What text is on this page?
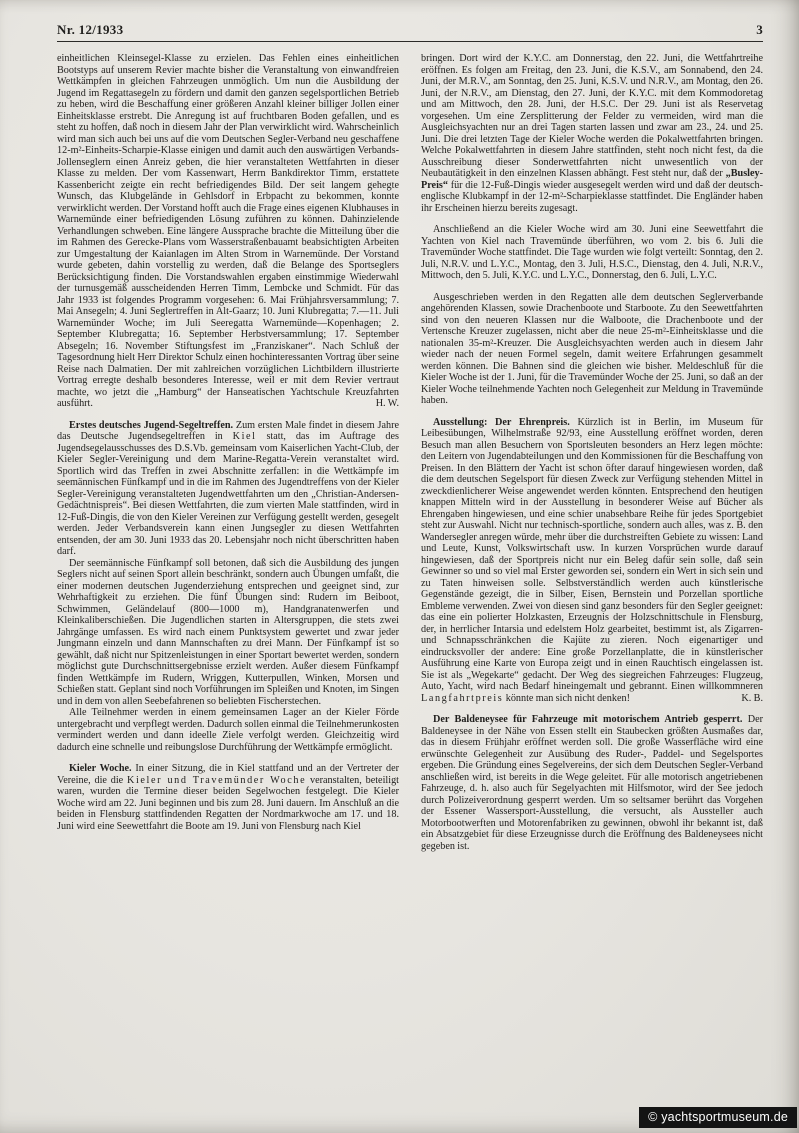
Nr. 12/1933	3

einheitlichen Kleinsegel-Klasse zu erzielen. Das Fehlen eines einheitlichen Bootstyps auf unserem Revier machte bisher die Veranstaltung von einwandfreien Wettkämpfen in gleichen Fahrzeugen unmöglich. Um nun die Ausbildung der Jugend im Regattasegeln zu fördern und damit den ganzen segelsportlichen Betrieb zu heben, wird die Beschaffung einer größeren Anzahl kleiner billiger Jollen einer Einheitsklasse erstrebt. Die Anregung ist auf fruchtbaren Boden gefallen, und es steht zu hoffen, daß noch in diesem Jahr der Plan verwirklicht wird. Wahrscheinlich wird man sich auch bei uns auf die vom Deutschen Segler-Verband neu geschaffene 12-m²-Einheits-Scharpie-Klasse einigen und damit auch den auswärtigen Verbands-Jollenseglern einen Anreiz geben, die hier veranstalteten Wettfahrten in dieser Klasse zu melden. Der vom Kassenwart, Herrn Bankdirektor Timm, erstattete Kassenbericht zeigte ein recht befriedigendes Bild. Der seit langem gehegte Wunsch, das Klubgelände in Gehlsdorf in Erbpacht zu bekommen, konnte verwirklicht werden. Der Vorstand hofft auch die Frage eines eigenen Klubhauses in Warnemünde einer befriedigenden Lösung zuführen zu können. Dahinzielende Verhandlungen schweben. Eine längere Aussprache brachte die Mitteilung über die im Rahmen des Gerecke-Plans vom Wasserstraßenbauamt beabsichtigten Arbeiten zur Umgestaltung der Kaianlagen im Alten Strom in Warnemünde. Der Vorstand wurde gebeten, dahin vorstellig zu werden, daß die Belange des Sportseglers Berücksichtigung finden. Die Vorstandswahlen ergaben einstimmige Wiederwahl der turnusgemäß ausscheidenden Herren Timm, Lembcke und Schmidt. Für das Jahr 1933 ist folgendes Programm vorgesehen: 6. Mai Frühjahrsversammlung; 7. Mai Ansegeln; 4. Juni Seglertreffen in Alt-Gaarz; 10. Juni Klubregatta; 7.—11. Juli Warnemünder Woche; im Juli Seeregatta Warnemünde—Kopenhagen; 2. September Klubregatta; 16. September Herbstversammlung; 17. September Absegeln; 16. November Stiftungsfest im „Franziskaner“. Nach Schluß der Tagesordnung hielt Herr Direktor Schulz einen hochinteressanten Vortrag über seine Reise nach Dalmatien. Der mit zahlreichen vorzüglichen Lichtbildern illustrierte Vortrag erregte deshalb besonderes Interesse, weil er mit dem Revier vertraut machte, wo jetzt die „Hamburg“ der Hanseatischen Yachtschule Kreuzfahrten ausführt.	H. W.

Erstes deutsches Jugend-Segeltreffen. Zum ersten Male findet in diesem Jahre das Deutsche Jugendsegeltreffen in Kiel statt, das im Auftrage des Jugendsegelausschusses des D.S.Vb. gemeinsam vom Kaiserlichen Yacht-Club, der Kieler Segler-Vereinigung und dem Marine-Regatta-Verein veranstaltet wird. Sportlich wird das Treffen in zwei Abschnitte zerfallen: in die Wettkämpfe im seemännischen Fünfkampf und in die im Rahmen des Jugendtreffens von der Kieler Segler-Vereinigung veranstalteten Jugendwettfahrten um den „Christian-Andersen-Gedächtnispreis“. Bei diesen Wettfahrten, die zum vierten Male stattfinden, wird in 12-Fuß-Dingis, die von den Kieler Vereinen zur Verfügung gestellt werden, gesegelt werden. Jeder Verbandsverein kann einen Jungsegler zu diesen Wettfahrten entsenden, der am 30. Juni 1933 das 20. Lebensjahr noch nicht überschritten haben darf.

Der seemännische Fünfkampf soll betonen, daß sich die Ausbildung des jungen Seglers nicht auf seinen Sport allein beschränkt, sondern auch Übungen umfaßt, die einer modernen deutschen Jugenderziehung entsprechen und geeignet sind, zur Wehrhaftigkeit zu erziehen. Die fünf Übungen sind: Rudern im Beiboot, Schwimmen, Geländelauf (800—1000 m), Handgranatenwerfen und Kleinkaliberschießen. Die Jugendlichen starten in Altersgruppen, die stets zwei Jahrgänge umfassen. Es wird nach einem Punktsystem gewertet und zwar jeder Jungmann einzeln und dann Mannschaften zu drei Mann. Der Fünfkampf ist so gewählt, daß nicht nur Spitzenleistungen in einer Sportart bewertet werden, sondern möglichst gute Durchschnittsergebnisse erzielt werden. Außer diesem Fünfkampf finden Wettkämpfe im Rudern, Wriggen, Kutterpullen, Winken, Morsen und Schießen statt. Geplant sind noch Vorführungen im Spleißen und Knoten, im Singen und in dem von allen Seebefahrenen so beliebten Fischerstechen.

Alle Teilnehmer werden in einem gemeinsamen Lager an der Kieler Förde untergebracht und verpflegt werden. Dadurch sollen einmal die Teilnehmerunkosten vermindert werden und dann ideelle Ziele verfolgt werden. Gleichzeitig wird dadurch eine schnelle und reibungslose Durchführung der Wettkämpfe ermöglicht.

Kieler Woche. In einer Sitzung, die in Kiel stattfand und an der Vertreter der Vereine, die die Kieler und Travemünder Woche veranstalten, beteiligt waren, wurden die Termine dieser beiden Segelwochen festgelegt. Die Kieler Woche wird am 22. Juni beginnen und bis zum 28. Juni dauern. Im Anschluß an die beiden in Flensburg stattfindenden Regatten der Nordmarkwoche am 17. und 18. Juni wird eine Seewettfahrt die Boote am 19. Juni von Flensburg nach Kiel

bringen. Dort wird der K.Y.C. am Donnerstag, den 22. Juni, die Wettfahrtreihe eröffnen. Es folgen am Freitag, den 23. Juni, die K.S.V., am Sonnabend, den 24. Juni, der M.R.V., am Sonntag, den 25. Juni, K.S.V. und N.R.V., am Montag, den 26. Juni, der N.R.V., am Dienstag, den 27. Juni, der K.Y.C. mit dem Kommodoretag und am Mittwoch, den 28. Juni, der H.S.C. Der 29. Juni ist als Reservetag vorgesehen. Um eine Zersplitterung der Felder zu vermeiden, wird man die Ausgleichsyachten nur an drei Tagen starten lassen und zwar am 23., 24. und 25. Juni. Die drei letzten Tage der Kieler Woche werden die Pokalwettfahrten bringen. Welche Pokalwettfahrten in diesem Jahre stattfinden, steht noch nicht fest, da die Ausschreibung dieser Sonderwettfahrten nicht unwesentlich von der Neubautätigkeit in den einzelnen Klassen abhängt. Fest steht nur, daß der „Busley-Preis“ für die 12-Fuß-Dingis wieder ausgesegelt werden wird und daß der deutsch-englische Klubkampf in der 12-m²-Scharpieklasse stattfindet. Die Engländer haben ihr Erscheinen hierzu bereits zugesagt.

Anschließend an die Kieler Woche wird am 30. Juni eine Seewettfahrt die Yachten von Kiel nach Travemünde überführen, wo vom 2. bis 6. Juli die Travemünder Woche stattfindet. Die Tage wurden wie folgt verteilt: Sonntag, den 2. Juli, N.R.V. und L.Y.C., Montag, den 3. Juli, H.S.C., Dienstag, den 4. Juli, N.R.V., Mittwoch, den 5. Juli, K.Y.C. und L.Y.C., Donnerstag, den 6. Juli, L.Y.C.

Ausgeschrieben werden in den Regatten alle dem deutschen Seglerverbande angehörenden Klassen, sowie Drachenboote und Starboote. Zu den Seewettfahrten sind von den neueren Klassen nur die Walboote, die Drachenboote und der Vertensche Kreuzer zugelassen, nicht aber die neue 25-m²-Einheitsklasse und die nationalen 35-m²-Kreuzer. Die Ausgleichsyachten werden auch in diesem Jahr wieder nach der neuen Formel segeln, damit weitere Erfahrungen gesammelt werden können. Die Bahnen sind die gleichen wie bisher. Meldeschluß für die Kieler Woche ist der 1. Juni, für die Travemünder Woche der 25. Juni, so daß an der Kieler Woche teilnehmende Yachten noch Gelegenheit zur Meldung in Travemünde haben.

Ausstellung: Der Ehrenpreis. Kürzlich ist in Berlin, im Museum für Leibesübungen, Wilhelmstraße 92/93, eine Ausstellung eröffnet worden, deren Besuch man allen Besuchern von Sportsleuten besonders an Herz legen möchte: den Leitern von Jugendabteilungen und den Kommissionen für die Beschaffung von Preisen. In den Blättern der Yacht ist schon öfter darauf hingewiesen worden, daß die dem deutschen Segelsport für diesen Zweck zur Verfügung stehenden Mittel in zweckdienlicherer Weise angewendet werden könnten. Entsprechend den heutigen knappen Mitteln wird in der Ausstellung in besonderer Weise auf Bücher als Ehrengaben hingewiesen, und eine schier unabsehbare Reihe für jedes Sportgebiet steht zur Auswahl. Nicht nur technisch-sportliche, sondern auch alles, was z. B. den Wandersegler anregen würde, mehr über die durchstreiften Gebiete zu wissen: Land und Leute, Kunst, Volkswirtschaft usw. In kurzen Vorsprüchen wurde darauf hingewiesen, daß der Sportpreis nicht nur ein Beleg dafür sein solle, daß sein Gewinner so und so viel mal Erster geworden sei, sondern ein Wert in sich sein und zu Taten hinweisen solle. Selbstverständlich werden auch künstlerische Gegenstände gezeigt, die in Silber, Eisen, Bernstein und Porzellan sportliche Embleme verwenden. Zwei von diesen sind ganz besonders für den Segler geeignet: das eine ein polierter Holzkasten, Erzeugnis der Holzschnittschule in Flensburg, der, in herrlicher Intarsia und edelstem Holz gearbeitet, bestimmt ist, als Zigarren- und Schnapsschränkchen die Kajüte zu zieren. Noch eigenartiger und eindrucksvoller der andere: Eine große Porzellanplatte, die in künstlerischer Ausführung eine Karte von Europa zeigt und in einen Rauchtisch eingelassen ist. Sie ist als „Wegekarte“ gedacht. Der Weg des siegreichen Fahrzeuges: Flugzeug, Auto, Yacht, wird nach Bedarf hineingemalt und gebrannt. Einen willkommneren Langfahrtpreis könnte man sich nicht denken!	K. B.

Der Baldeneysee für Fahrzeuge mit motorischem Antrieb gesperrt. Der Baldeneysee in der Nähe von Essen stellt ein Staubecken größten Ausmaßes dar, das in diesem Frühjahr eröffnet werden soll. Die große Wasserfläche wird eine erwünschte Gelegenheit zur Ausübung des Ruder-, Paddel- und Segelsportes ergeben. Die Gründung eines Segelvereins, der sich dem Deutschen Segler-Verband anschließen wird, ist bereits in die Wege geleitet. Für alle motorisch angetriebenen Fahrzeuge, d. h. also auch für Segelyachten mit Hilfsmotor, wird der See jedoch durch Polizeiverordnung gesperrt werden. Um so seltsamer berührt das Vorgehen der Essener Wassersport-Ausstellung, die versucht, als Aussteller auch Motorbootwerften und Motorenfabriken zu gewinnen, obwohl ihr bekannt ist, daß ein Absatzgebiet für diese Erzeugnisse durch die Eröffnung des Baldeneysees nicht gegeben ist.

© yachtsportmuseum.de
